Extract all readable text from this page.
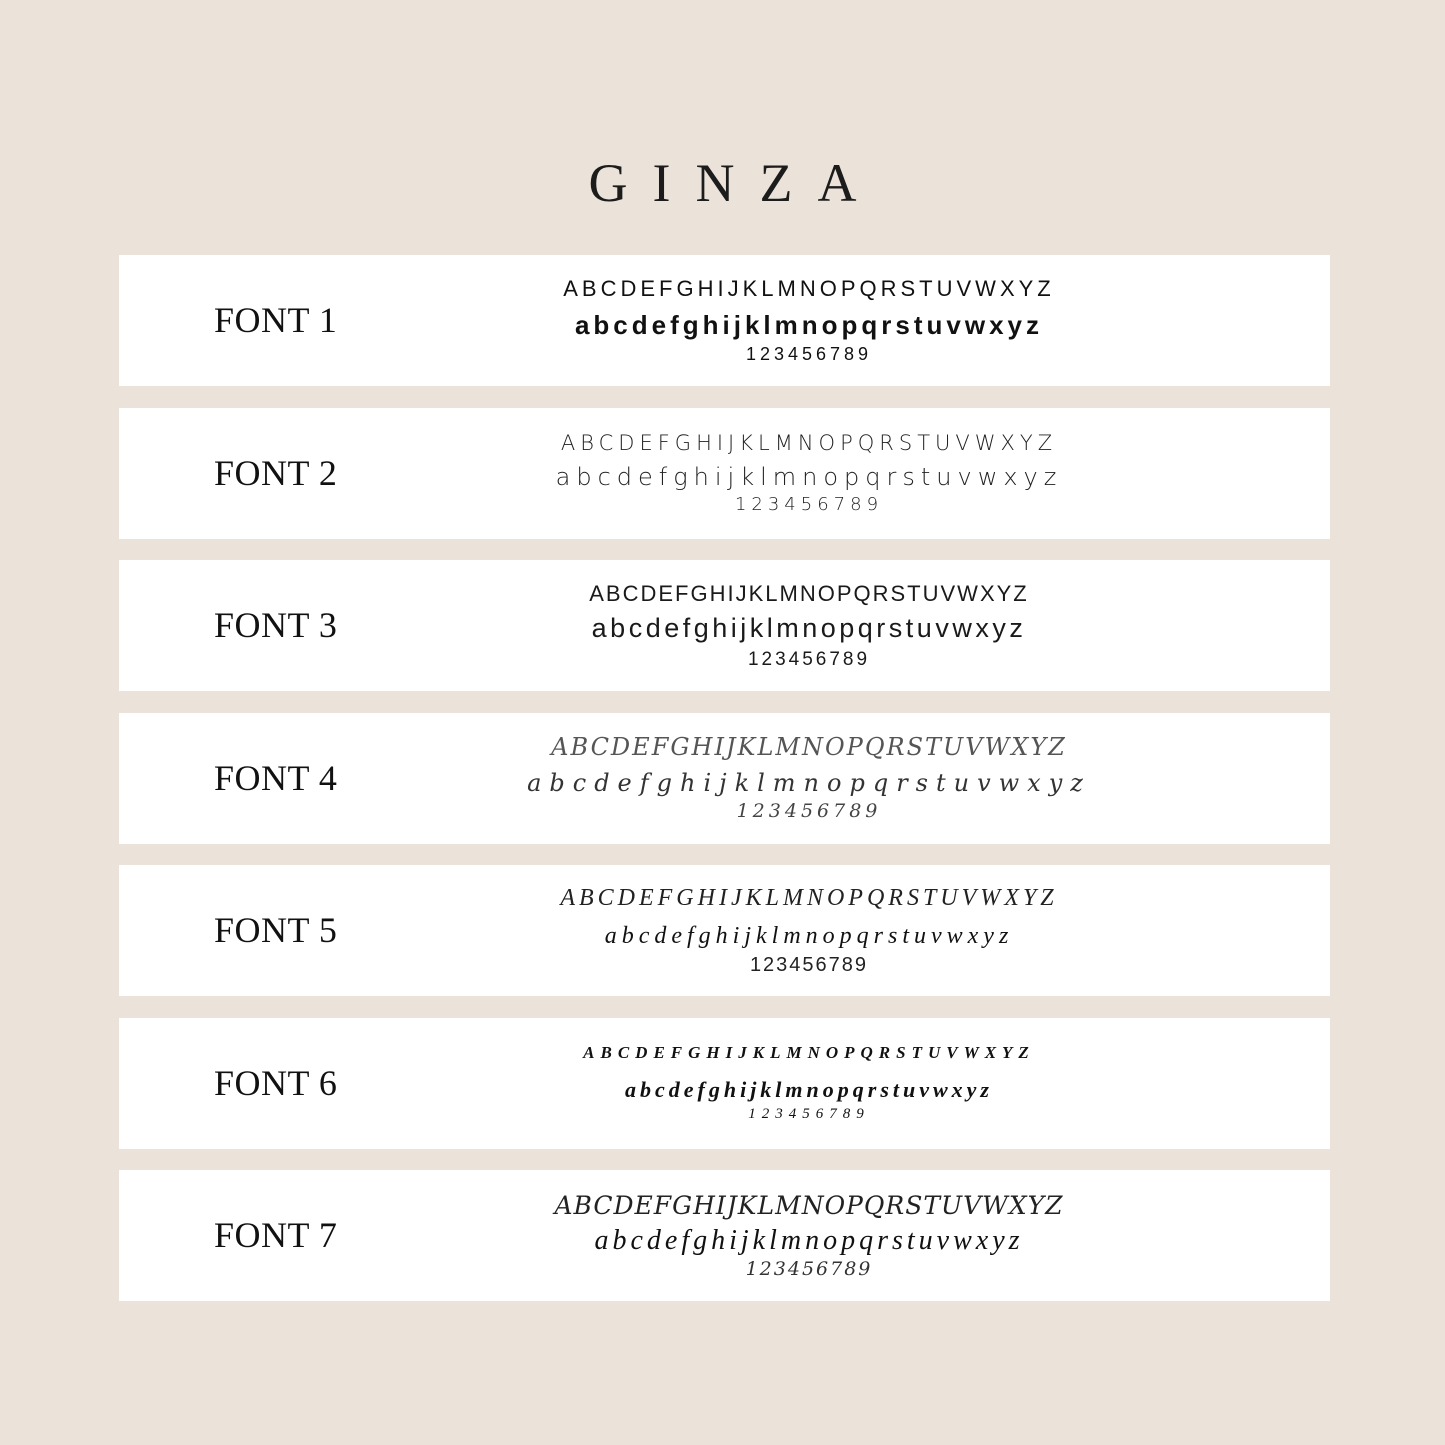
GINZA
FONT 1
ABCDEFGHIJKLMNOPQRSTUVWXYZ
abcdefghijklmnopqrstuvwxyz
123456789
FONT 2
ABCDEFGHIJKLMNOPQRSTUVWXYZ
abcdefghijklmnopqrstuvwxyz
123456789
FONT 3
ABCDEFGHIJKLMNOPQRSTUVWXYZ
abcdefghijklmnopqrstuvwxyz
123456789
FONT 4
ABCDEFGHIJKLMNOPQRSTUVWXYZ
abcdefghijklmnopqrstuvwxyz
123456789
FONT 5
ABCDEFGHIJKLMNOPQRSTUVWXYZ
abcdefghijklmnopqrstuvwxyz
123456789
FONT 6
ABCDEFGHIJKLMNOPQRSTUVWXYZ
abcdefghijklmnopqrstuvwxyz
123456789
FONT 7
ABCDEFGHIJKLMNOPQRSTUVWXYZ
abcdefghijklmnopqrstuvwxyz
123456789
